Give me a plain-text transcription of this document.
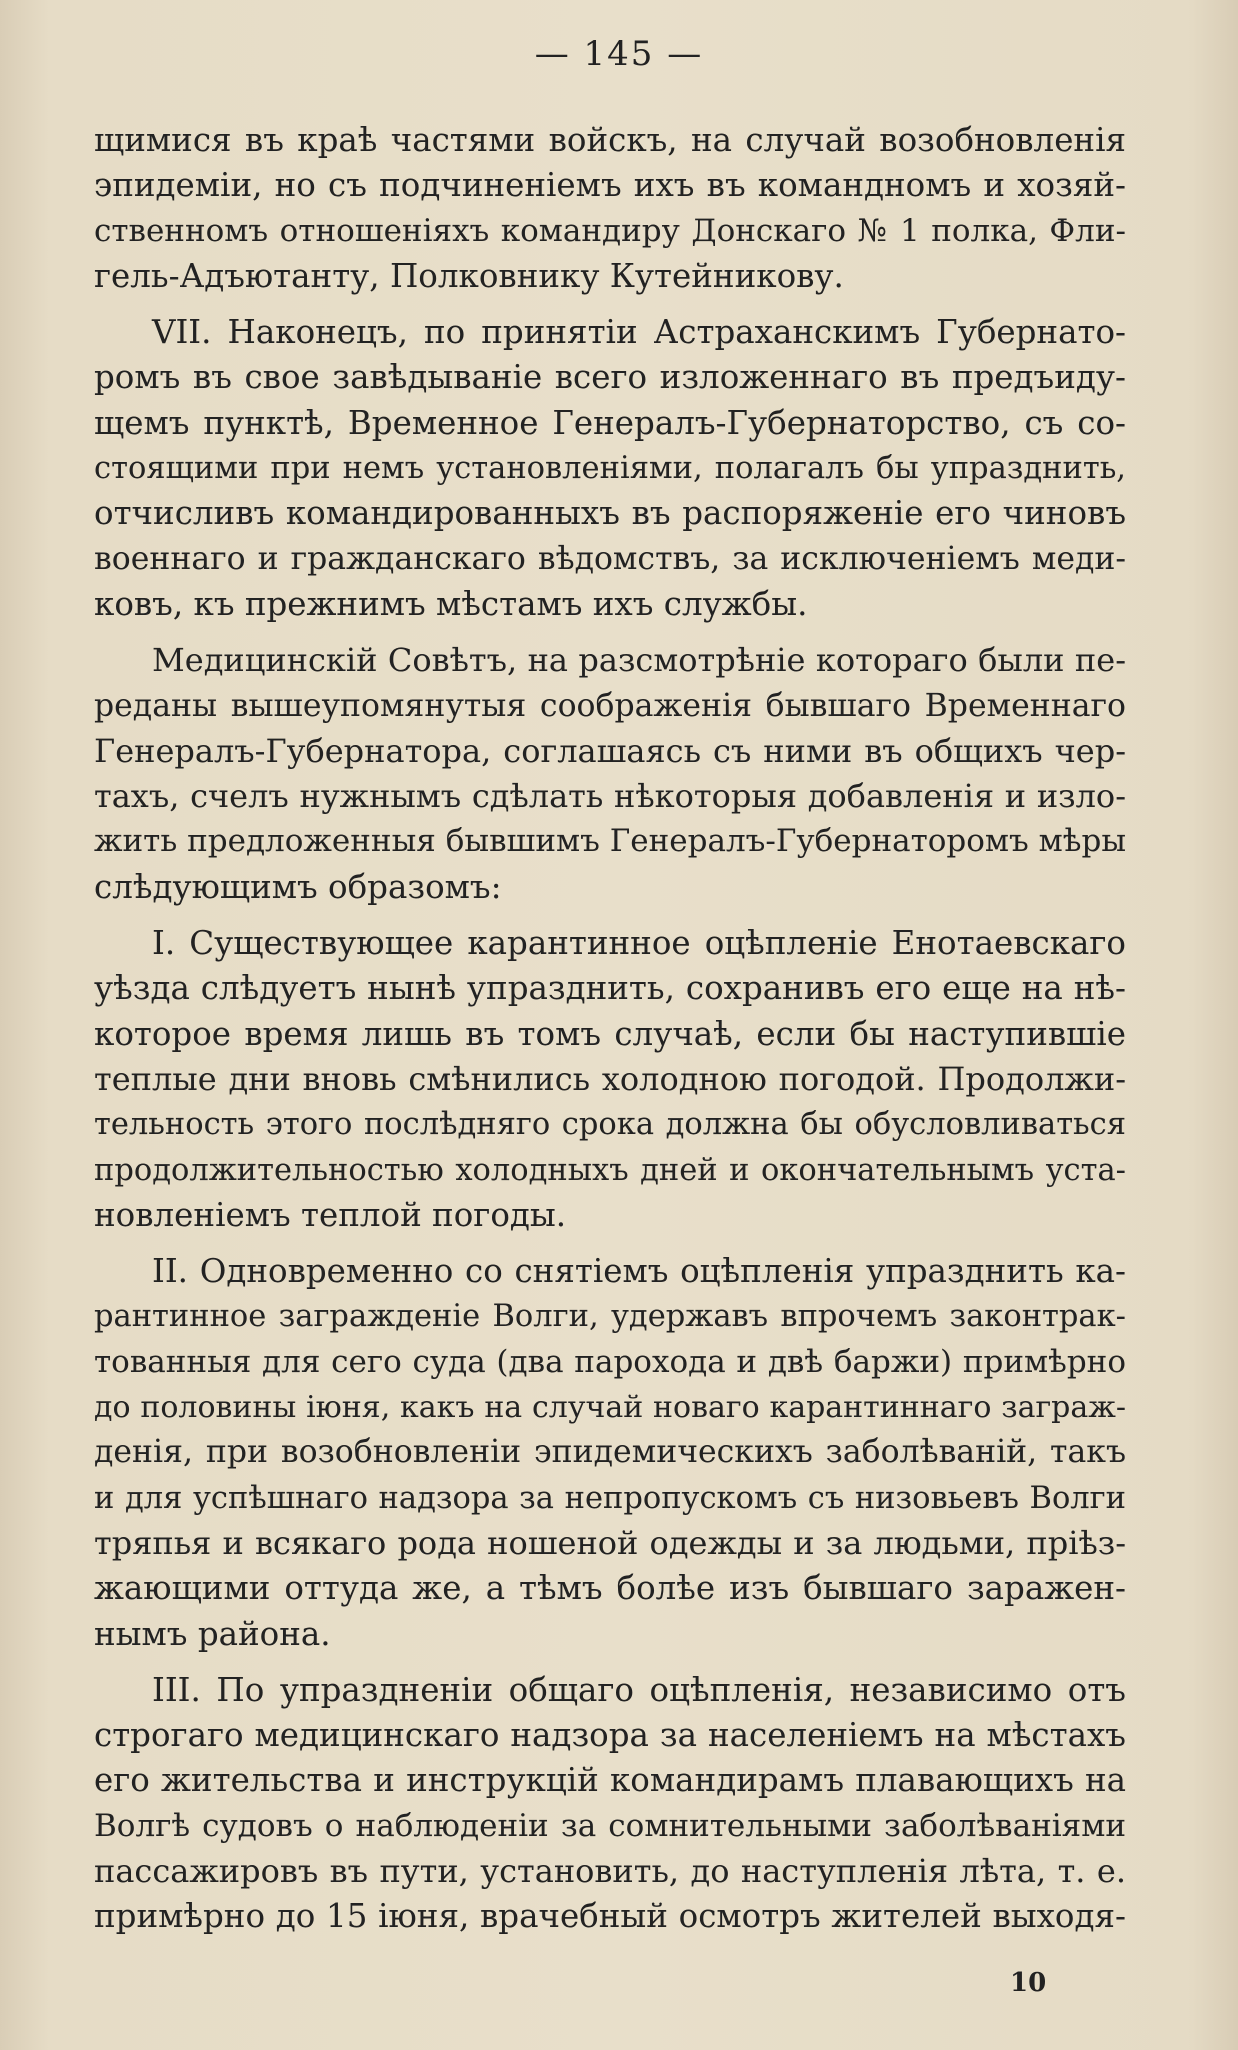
— 145 —
щимися въ краѣ частями войскъ, на случай возобновленія
эпидеміи, но съ подчиненіемъ ихъ въ командномъ и хозяй-
ственномъ отношеніяхъ командиру Донскаго № 1 полка, Фли-
гель-Адъютанту, Полковнику Кутейникову.
VII. Наконецъ, по принятіи Астраханскимъ Губернато-
ромъ въ свое завѣдываніе всего изложеннаго въ предъиду-
щемъ пунктѣ, Временное Генералъ-Губернаторство, съ со-
стоящими при немъ установленіями, полагалъ бы упразднить,
отчисливъ командированныхъ въ распоряженіе его чиновъ
военнаго и гражданскаго вѣдомствъ, за исключеніемъ меди-
ковъ, къ прежнимъ мѣстамъ ихъ службы.
Медицинскій Совѣтъ, на разсмотрѣніе котораго были пе-
реданы вышеупомянутыя соображенія бывшаго Временнаго
Генералъ-Губернатора, соглашаясь съ ними въ общихъ чер-
тахъ, счелъ нужнымъ сдѣлать нѣкоторыя добавленія и изло-
жить предложенныя бывшимъ Генералъ-Губернаторомъ мѣры
слѣдующимъ образомъ:
I. Существующее карантинное оцѣпленіе Енотаевскаго
уѣзда слѣдуетъ нынѣ упразднить, сохранивъ его еще на нѣ-
которое время лишь въ томъ случаѣ, если бы наступившіе
теплые дни вновь смѣнились холодною погодой. Продолжи-
тельность этого послѣдняго срока должна бы обусловливаться
продолжительностью холодныхъ дней и окончательнымъ уста-
новленіемъ теплой погоды.
II. Одновременно со снятіемъ оцѣпленія упразднить ка-
рантинное загражденіе Волги, удержавъ впрочемъ законтрак-
тованныя для сего суда (два парохода и двѣ баржи) примѣрно
до половины іюня, какъ на случай новаго карантиннаго заграж-
денія, при возобновленіи эпидемическихъ заболѣваній, такъ
и для успѣшнаго надзора за непропускомъ съ низовьевъ Волги
тряпья и всякаго рода ношеной одежды и за людьми, пріѣз-
жающими оттуда же, а тѣмъ болѣе изъ бывшаго заражен-
нымъ района.
III. По упраздненіи общаго оцѣпленія, независимо отъ
строгаго медицинскаго надзора за населеніемъ на мѣстахъ
его жительства и инструкцій командирамъ плавающихъ на
Волгѣ судовъ о наблюденіи за сомнительными заболѣваніями
пассажировъ въ пути, установить, до наступленія лѣта, т. е.
примѣрно до 15 іюня, врачебный осмотръ жителей выходя-
10
